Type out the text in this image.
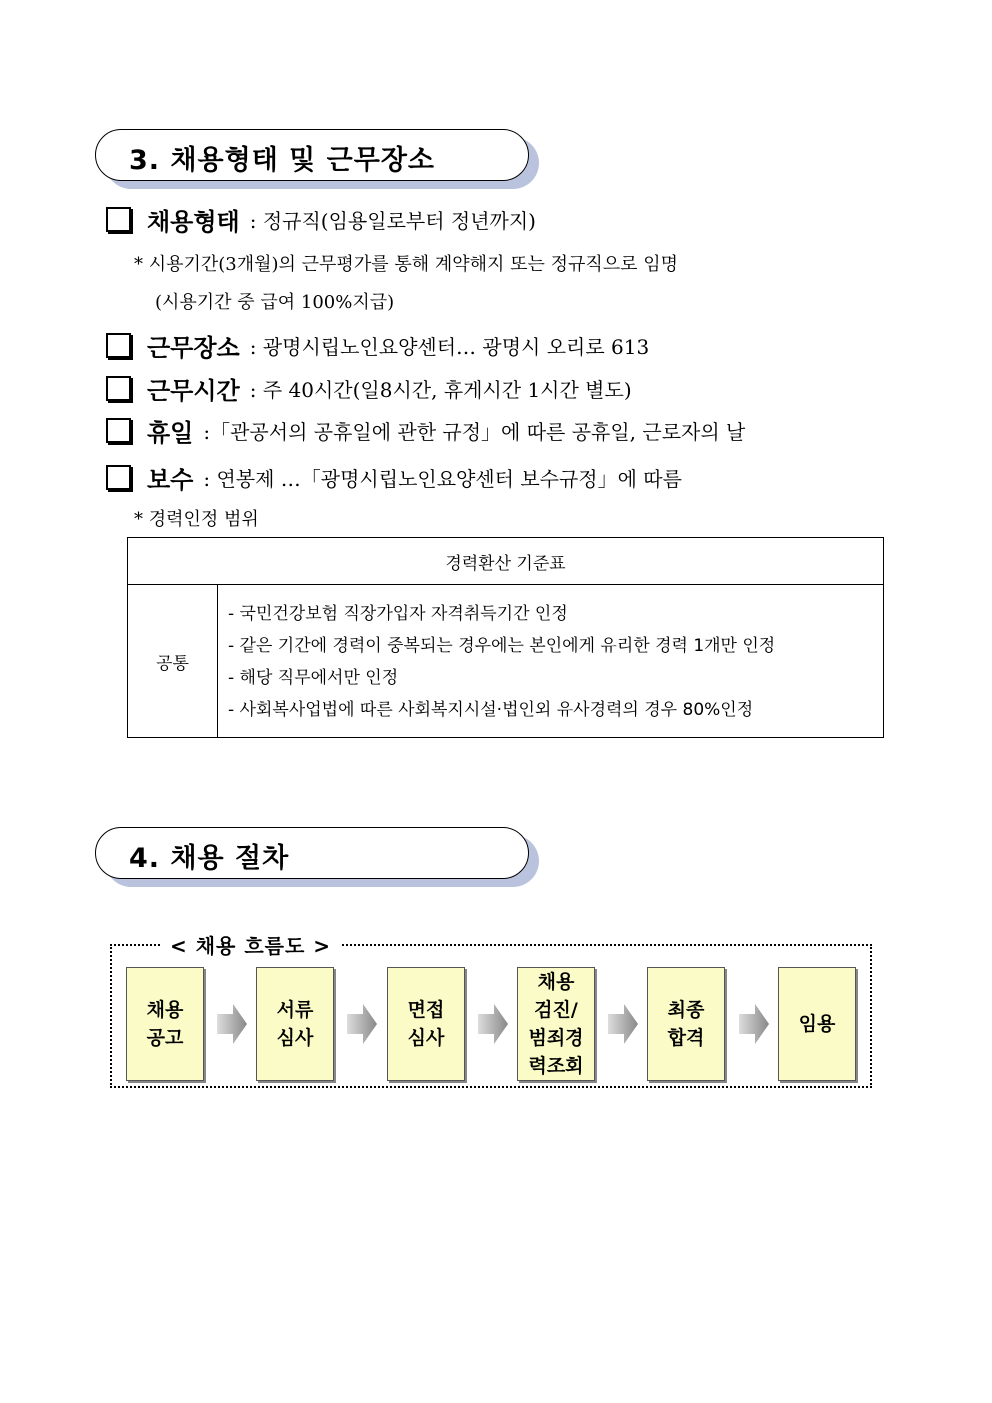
3. 채용형태 및 근무장소
채용형태 : 정규직(임용일로부터 정년까지)
* 시용기간(3개월)의 근무평가를 통해 계약해지 또는 정규직으로 임명
(시용기간 중 급여 100%지급)
근무장소 : 광명시립노인요양센터… 광명시 오리로 613
근무시간 : 주 40시간(일8시간, 휴게시간 1시간 별도)
휴일 :「관공서의 공휴일에 관한 규정」에 따른 공휴일, 근로자의 날
보수 : 연봉제 …「광명시립노인요양센터 보수규정」에 따름
* 경력인정 범위
경력환산 기준표
공통
- 국민건강보험 직장가입자 자격취득기간 인정
- 같은 기간에 경력이 중복되는 경우에는 본인에게 유리한 경력 1개만 인정
- 해당 직무에서만 인정
- 사회복사업법에 따른 사회복지시설·법인외 유사경력의 경우 80%인정
4. 채용 절차
< 채용 흐름도 >
채용
공고
서류
심사
면접
심사
채용
검진/
범죄경
력조회
최종
합격
임용
